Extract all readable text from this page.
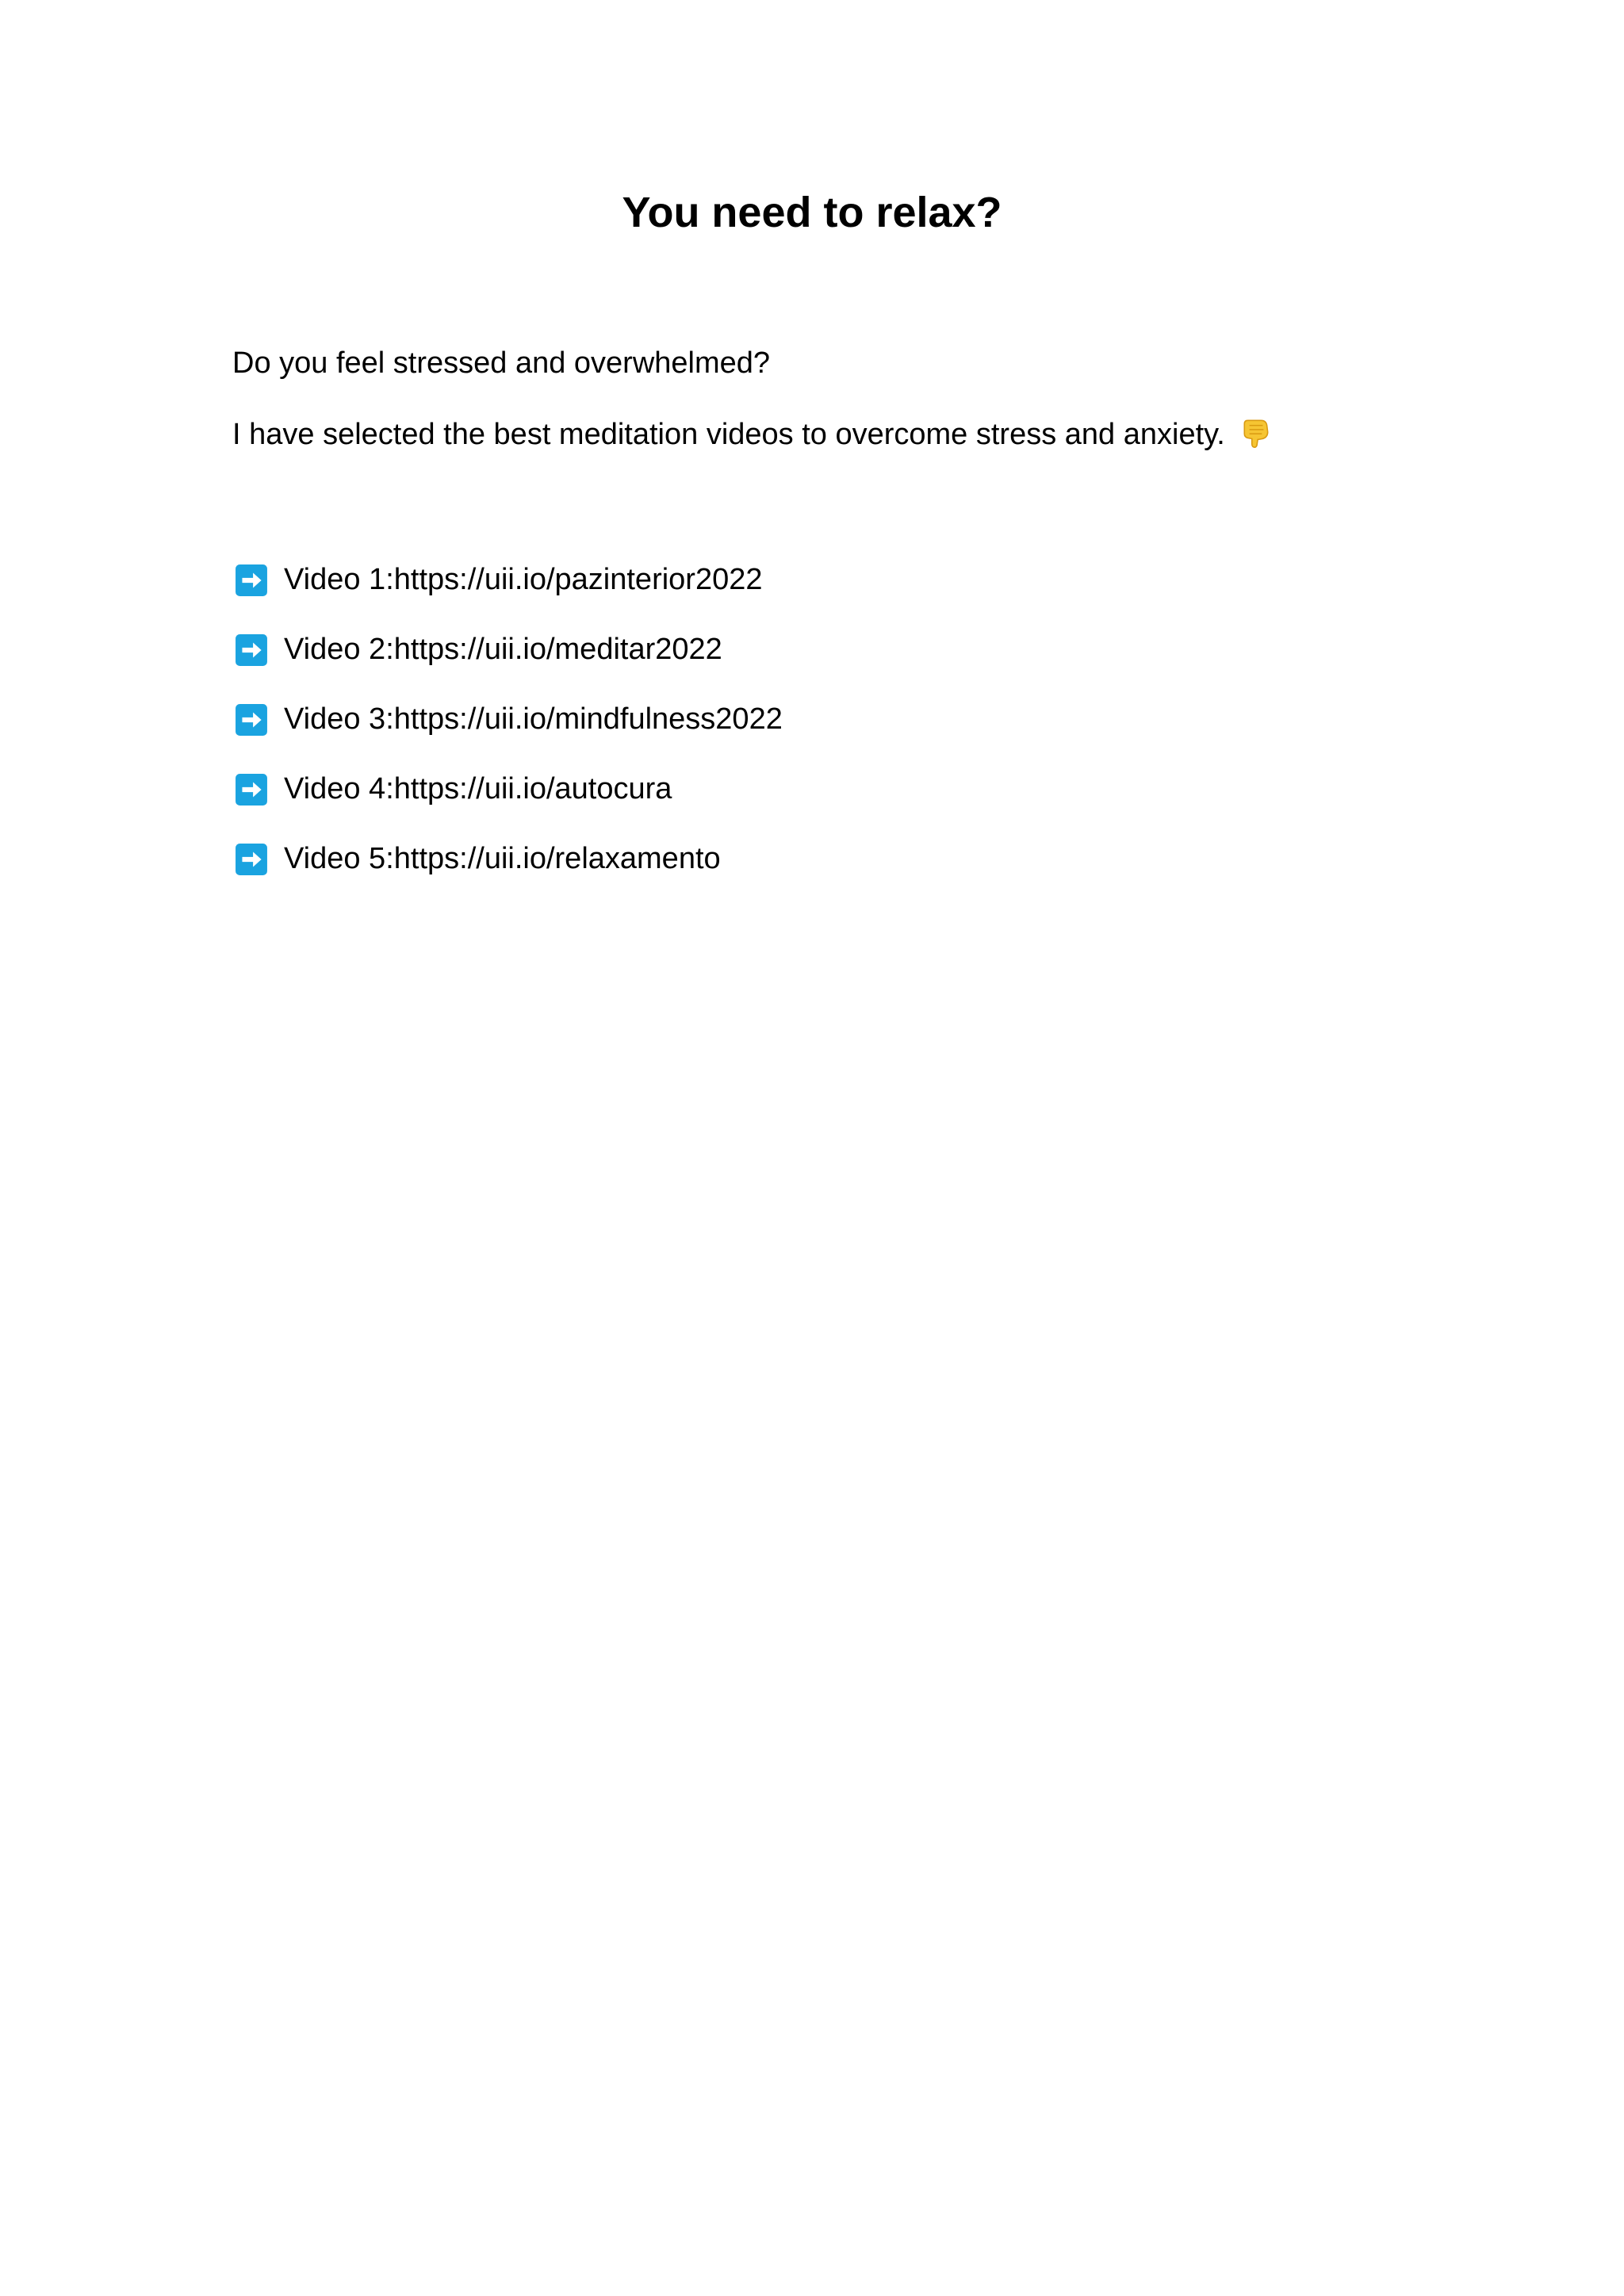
You need to relax?

Do you feel stressed and overwhelmed?

I have selected the best meditation videos to overcome stress and anxiety.

Video 1: https://uii.io/pazinterior2022
Video 2: https://uii.io/meditar2022
Video 3: https://uii.io/mindfulness2022
Video 4: https://uii.io/autocura
Video 5: https://uii.io/relaxamento
